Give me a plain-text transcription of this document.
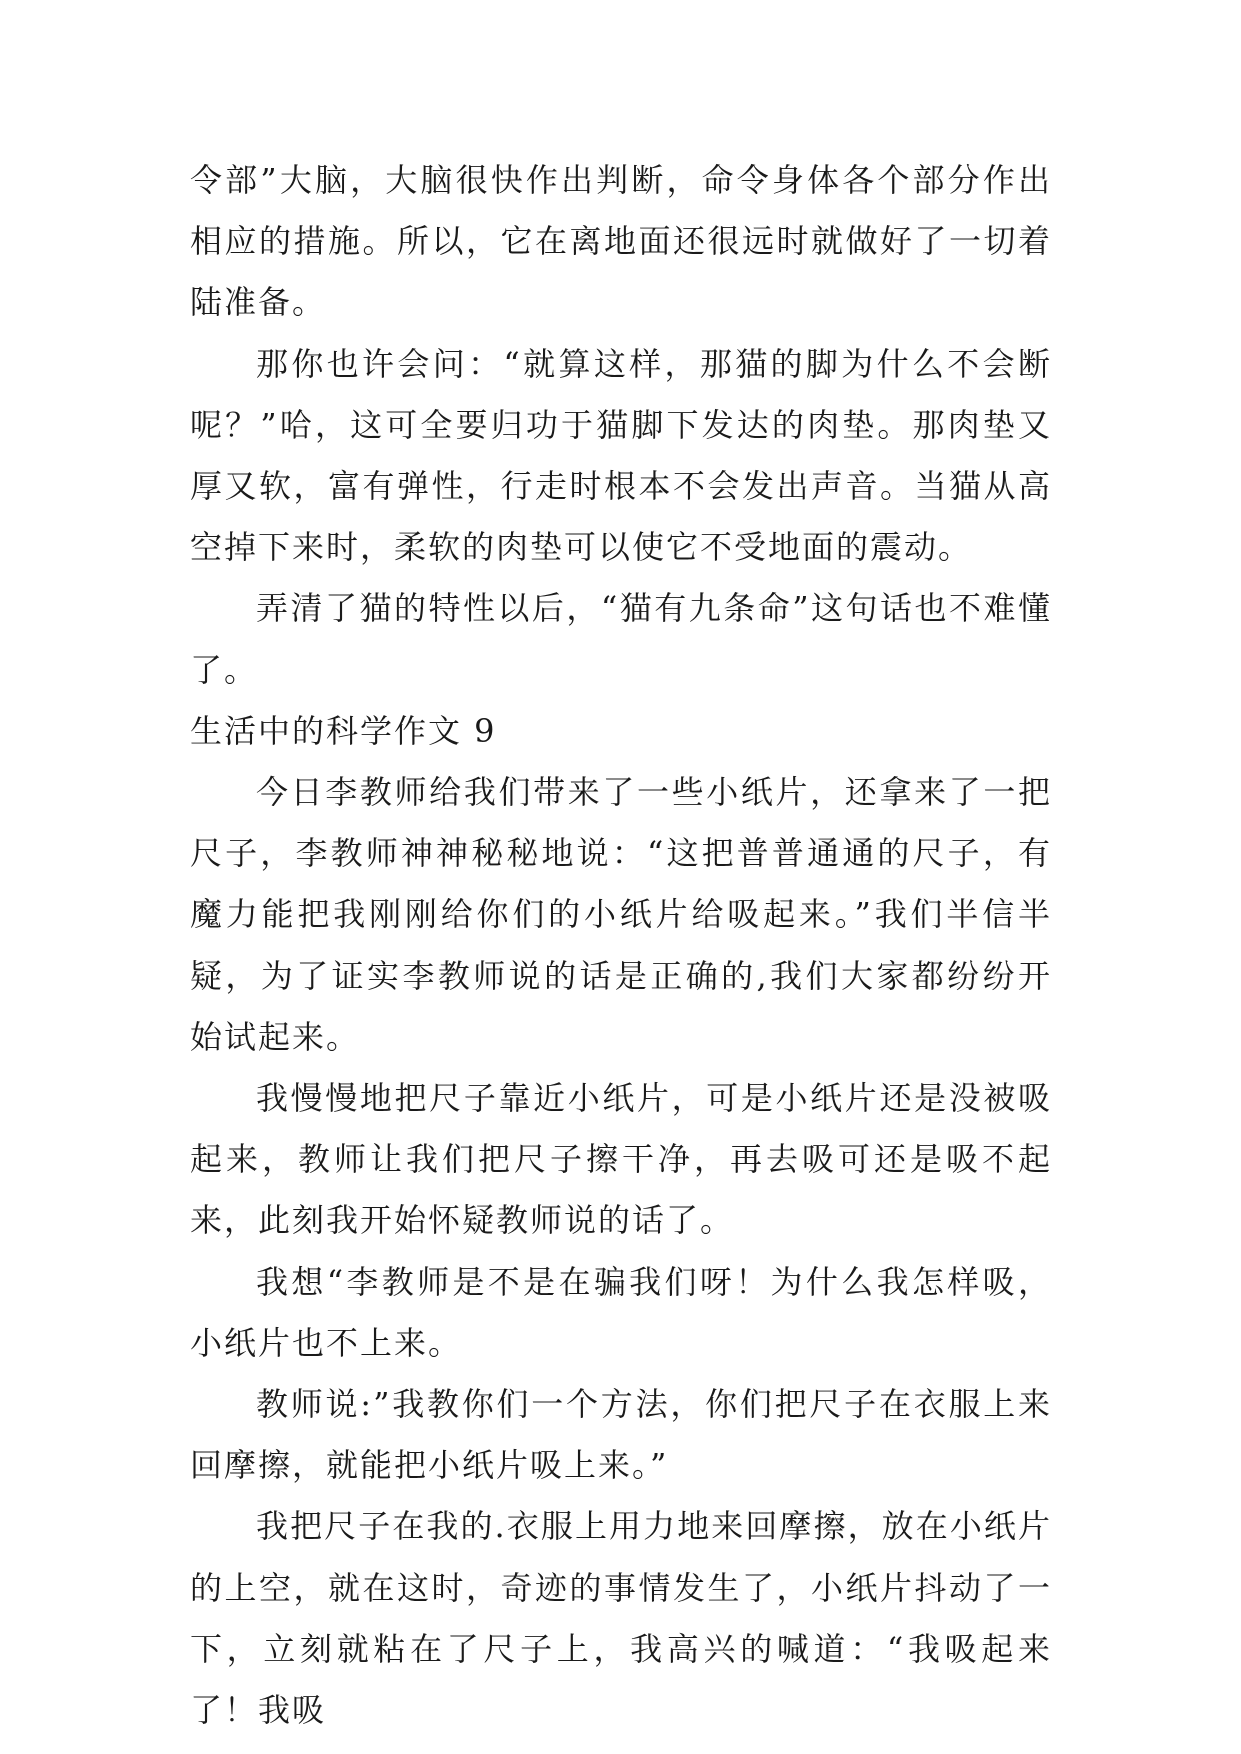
令部”大脑，大脑很快作出判断，命令身体各个部分作出相应的措施。所以，它在离地面还很远时就做好了一切着陆准备。

那你也许会问：“就算这样，那猫的脚为什么不会断呢？”哈，这可全要归功于猫脚下发达的肉垫。那肉垫又厚又软，富有弹性，行走时根本不会发出声音。当猫从高空掉下来时，柔软的肉垫可以使它不受地面的震动。

弄清了猫的特性以后，“猫有九条命”这句话也不难懂了。

生活中的科学作文 9

今日李教师给我们带来了一些小纸片，还拿来了一把尺子，李教师神神秘秘地说：“这把普普通通的尺子，有魔力能把我刚刚给你们的小纸片给吸起来。”我们半信半疑，为了证实李教师说的话是正确的,我们大家都纷纷开始试起来。

我慢慢地把尺子靠近小纸片，可是小纸片还是没被吸起来，教师让我们把尺子擦干净，再去吸可还是吸不起来，此刻我开始怀疑教师说的话了。

我想“李教师是不是在骗我们呀！为什么我怎样吸，小纸片也不上来。

教师说:”我教你们一个方法，你们把尺子在衣服上来回摩擦，就能把小纸片吸上来。”

我把尺子在我的.衣服上用力地来回摩擦，放在小纸片的上空，就在这时，奇迹的事情发生了，小纸片抖动了一下，立刻就粘在了尺子上，我高兴的喊道：“我吸起来了！我吸
